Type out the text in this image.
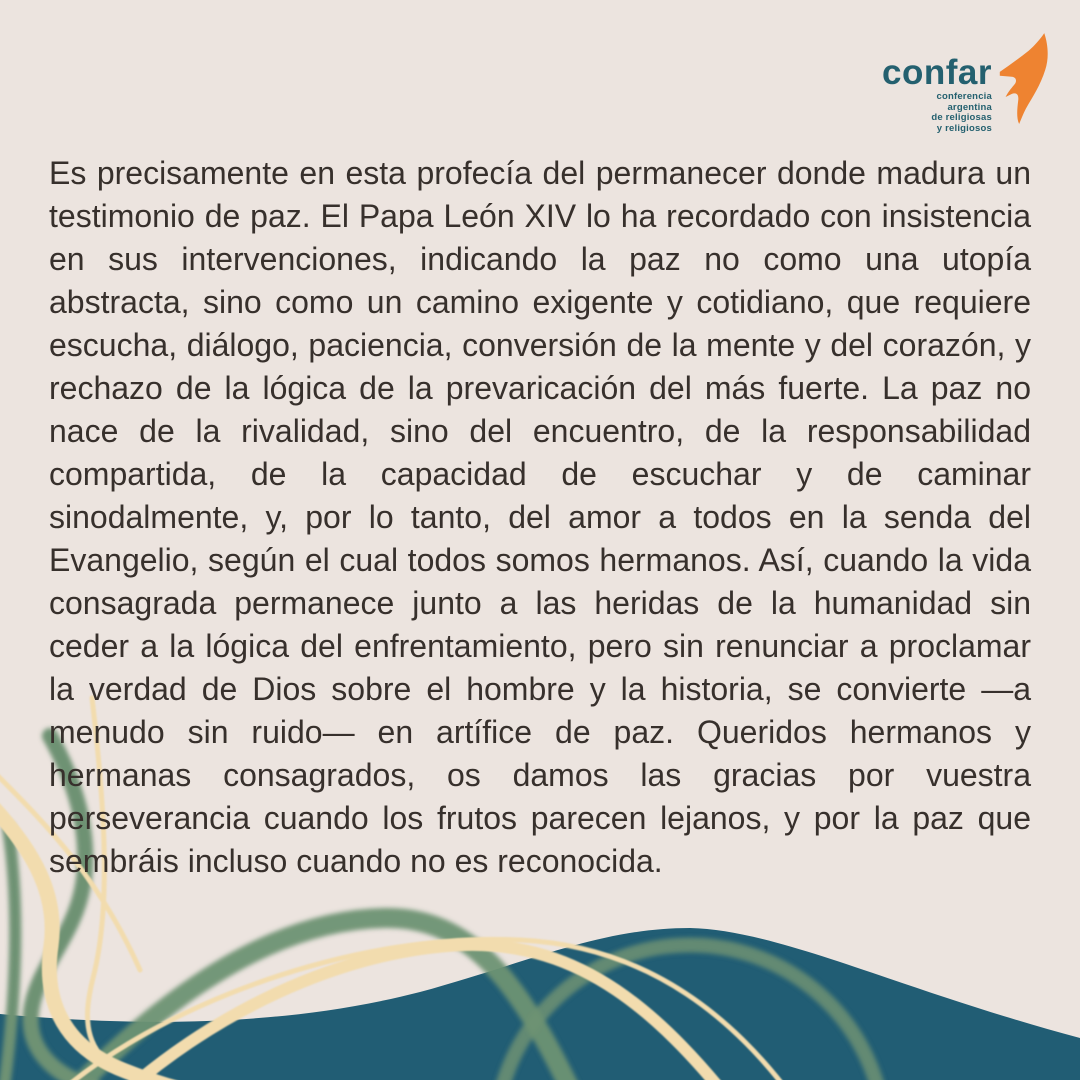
confar
conferencia
argentina
de religiosas
y religiosos
Es precisamente en esta profecía del permanecer donde madura un testimonio de paz. El Papa León XIV lo ha recordado con insistencia en sus intervenciones, indicando la paz no como una utopía abstracta, sino como un camino exigente y cotidiano, que requiere escucha, diálogo, paciencia, conversión de la mente y del corazón, y rechazo de la lógica de la prevaricación del más fuerte. La paz no nace de la rivalidad, sino del encuentro, de la responsabilidad compartida, de la capacidad de escuchar y de caminar sinodalmente, y, por lo tanto, del amor a todos en la senda del Evangelio, según el cual todos somos hermanos. Así, cuando la vida consagrada permanece junto a las heridas de la humanidad sin ceder a la lógica del enfrentamiento, pero sin renunciar a proclamar la verdad de Dios sobre el hombre y la historia, se convierte —a menudo sin ruido— en artífice de paz. Queridos hermanos y hermanas consagrados, os damos las gracias por vuestra perseverancia cuando los frutos parecen lejanos, y por la paz que sembráis incluso cuando no es reconocida.
